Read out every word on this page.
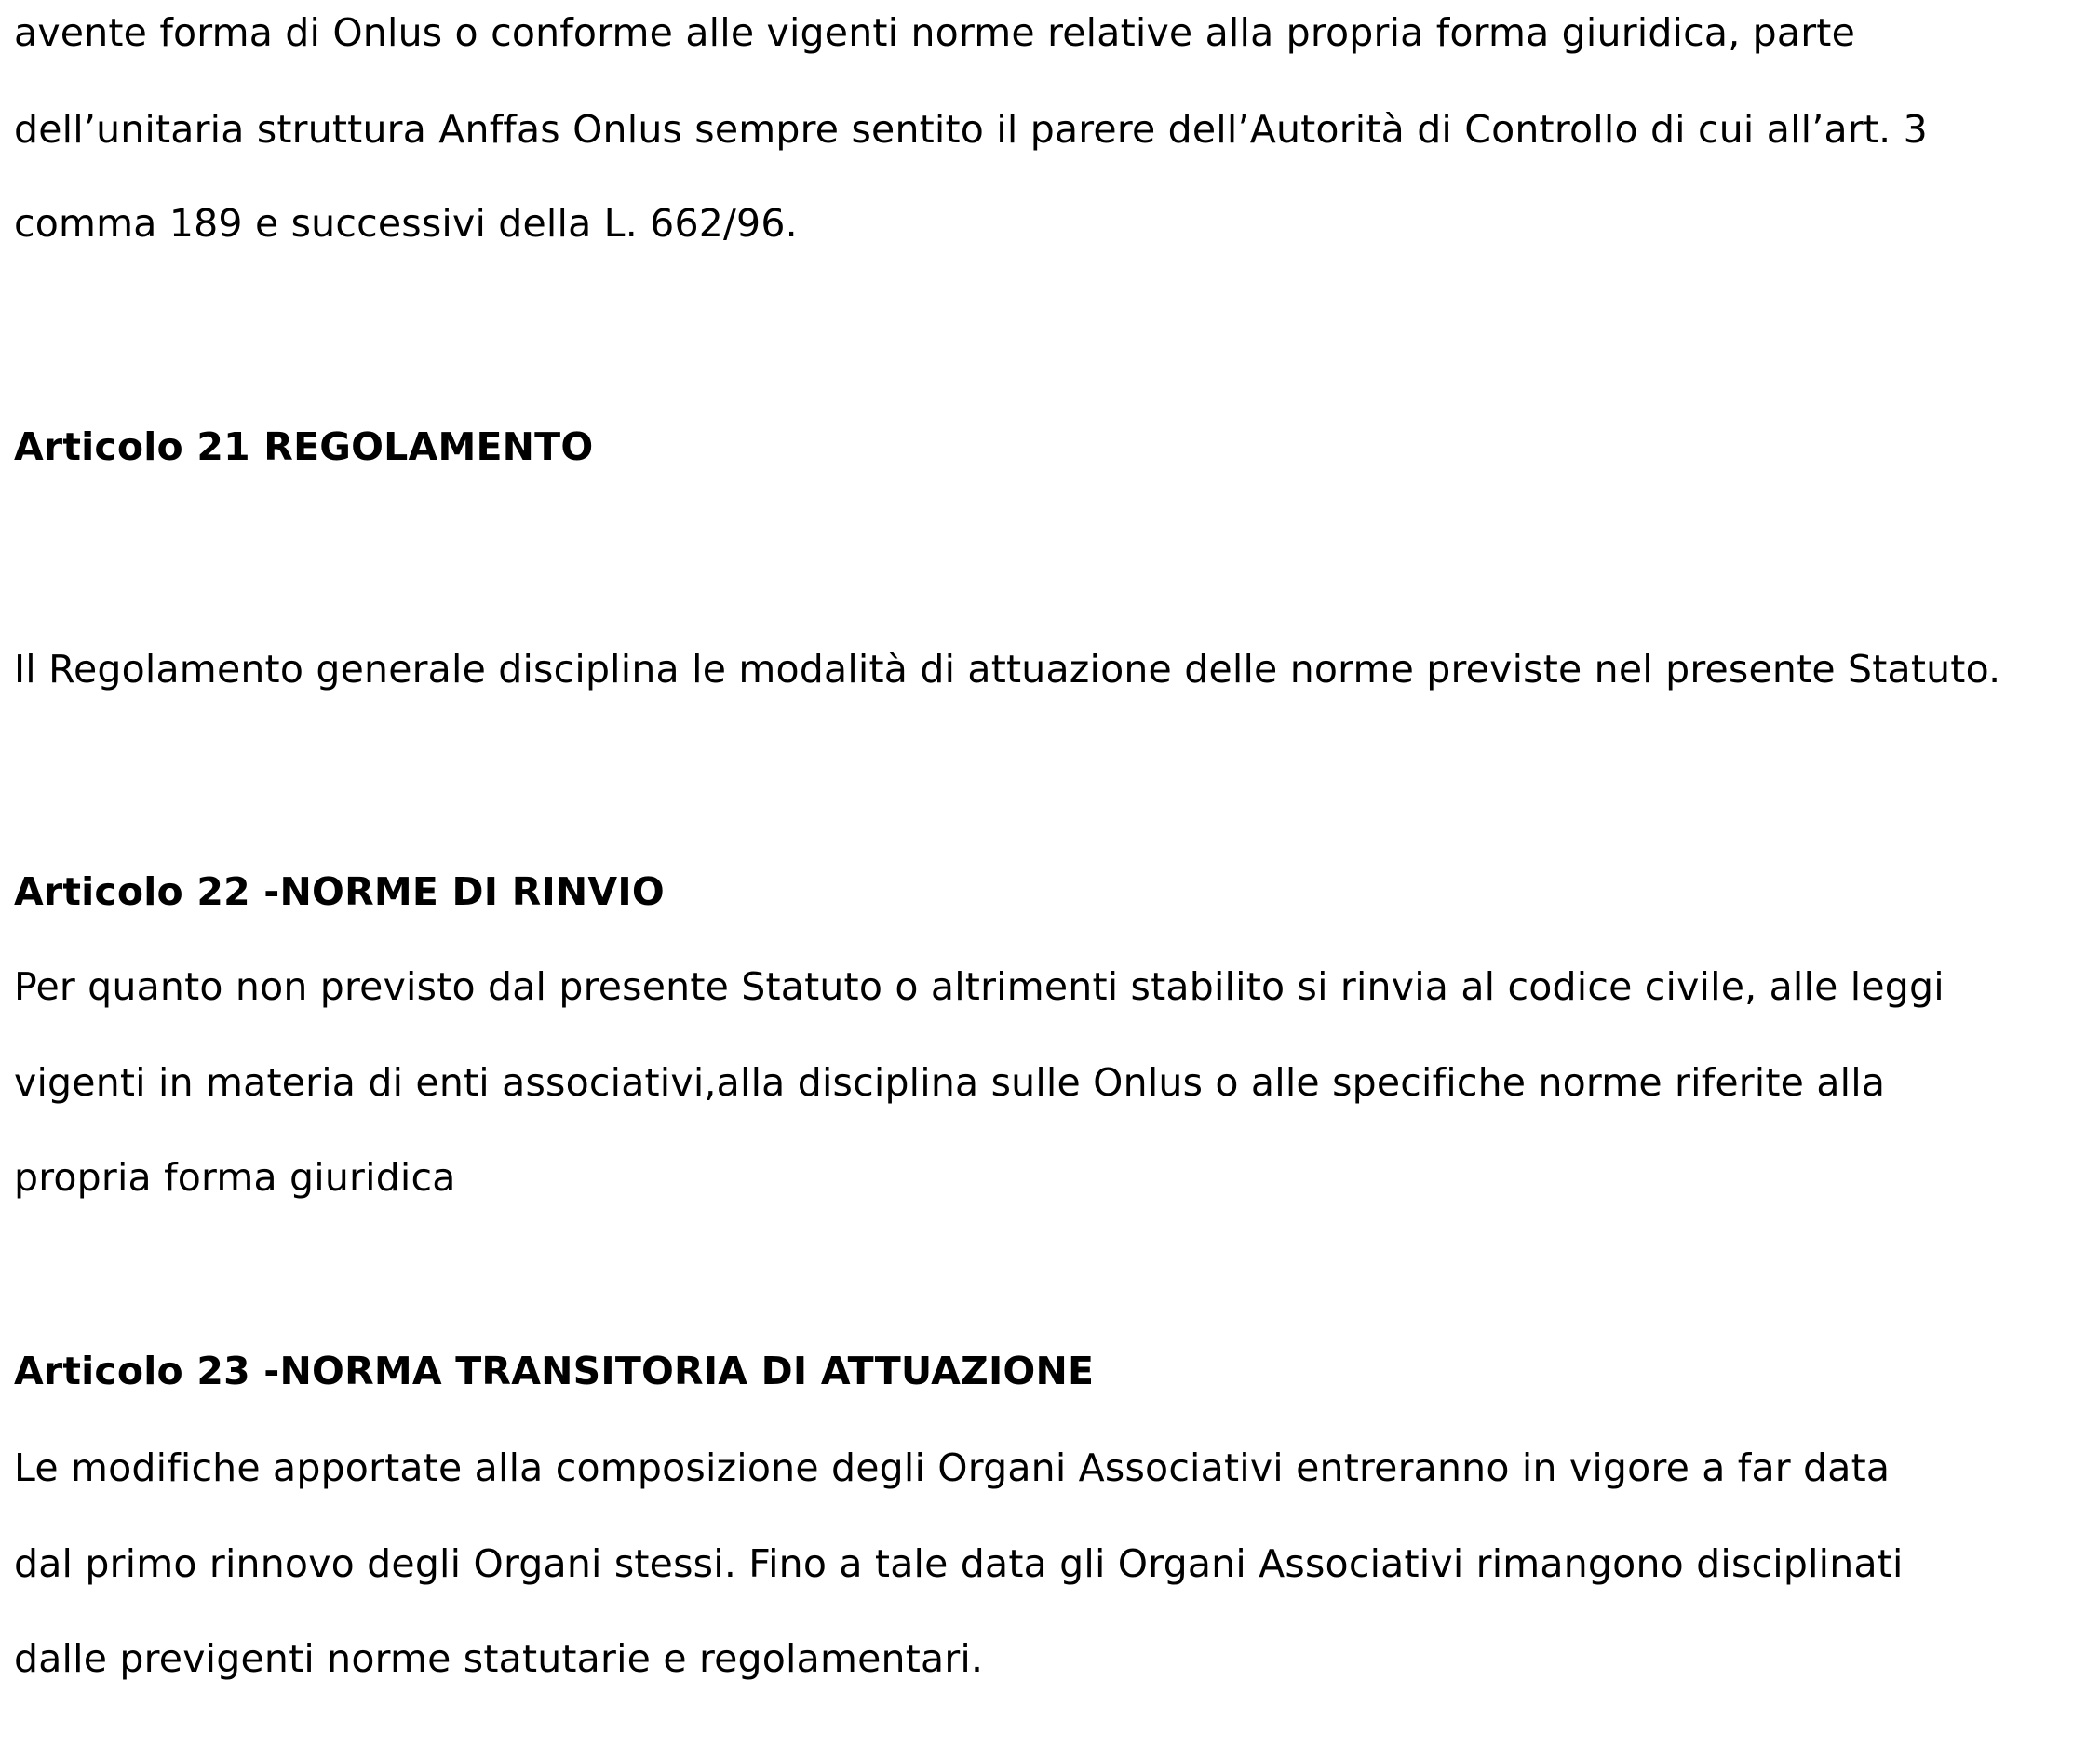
avente forma di Onlus o conforme alle vigenti norme relative alla propria forma giuridica, parte
dell’unitaria struttura Anffas Onlus sempre sentito il parere dell’Autorità di Controllo di cui all’art. 3
comma 189 e successivi della L. 662/96.
Articolo 21 REGOLAMENTO
Il Regolamento generale disciplina le modalità di attuazione delle norme previste nel presente Statuto.
Articolo 22 -NORME DI RINVIO
Per quanto non previsto dal presente Statuto o altrimenti stabilito si rinvia al codice civile, alle leggi
vigenti in materia di enti associativi,alla disciplina sulle Onlus o alle specifiche norme riferite alla
propria forma giuridica
Articolo 23 -NORMA TRANSITORIA DI ATTUAZIONE
Le modifiche apportate alla composizione degli Organi Associativi entreranno in vigore a far data
dal primo rinnovo degli Organi stessi. Fino a tale data gli Organi Associativi rimangono disciplinati
dalle previgenti norme statutarie e regolamentari.
